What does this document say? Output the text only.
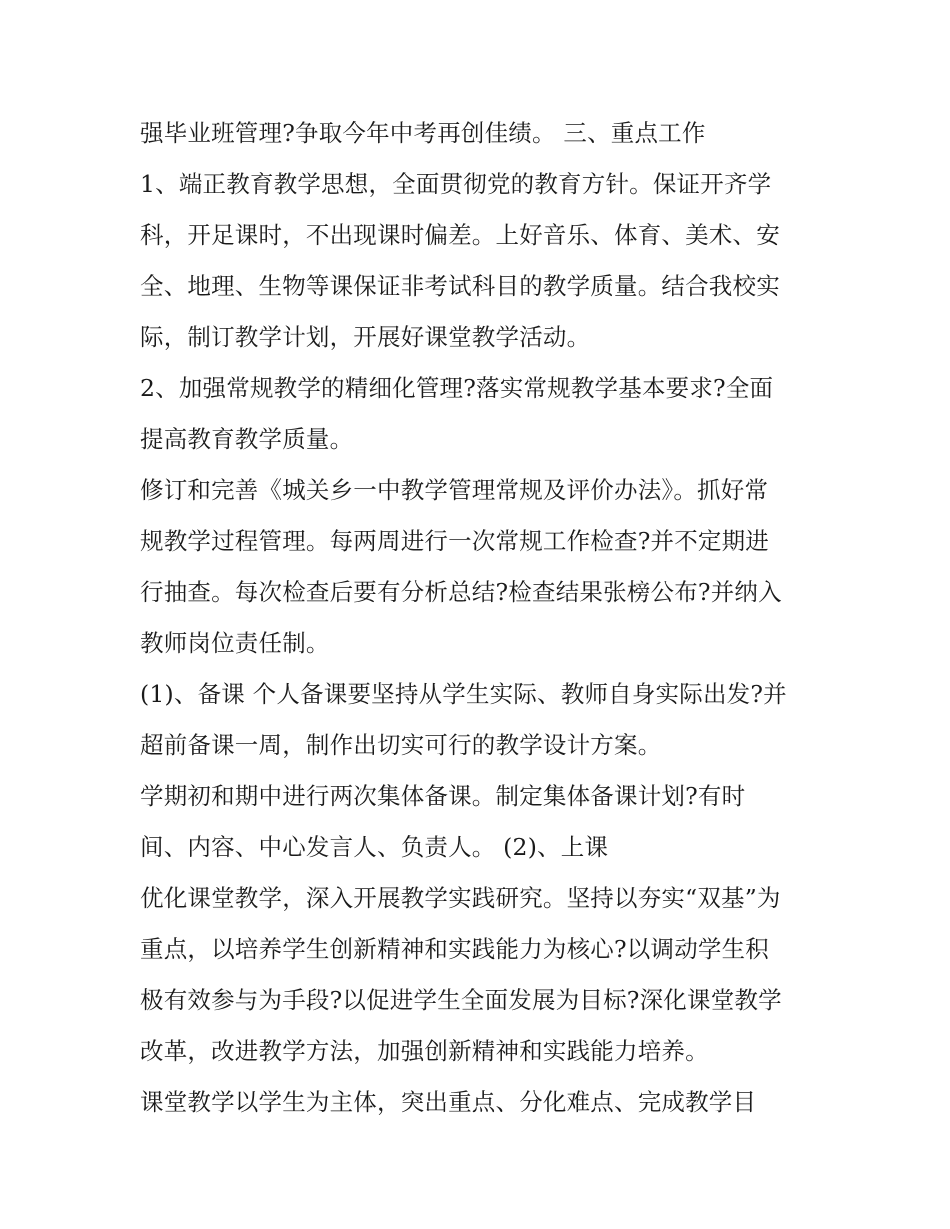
强毕业班管理?争取今年中考再创佳绩。 三、重点工作
1、端正教育教学思想，全面贯彻党的教育方针。保证开齐学
科，开足课时，不出现课时偏差。上好音乐、体育、美术、安
全、地理、生物等课保证非考试科目的教学质量。结合我校实
际，制订教学计划，开展好课堂教学活动。
2、加强常规教学的精细化管理?落实常规教学基本要求?全面
提高教育教学质量。
修订和完善《城关乡一中教学管理常规及评价办法》。抓好常
规教学过程管理。每两周进行一次常规工作检查?并不定期进
行抽查。每次检查后要有分析总结?检查结果张榜公布?并纳入
教师岗位责任制。
(1)、备课 个人备课要坚持从学生实际、教师自身实际出发?并
超前备课一周，制作出切实可行的教学设计方案。
学期初和期中进行两次集体备课。制定集体备课计划?有时
间、内容、中心发言人、负责人。 (2)、上课
优化课堂教学，深入开展教学实践研究。坚持以夯实“双基”为
重点，以培养学生创新精神和实践能力为核心?以调动学生积
极有效参与为手段?以促进学生全面发展为目标?深化课堂教学
改革，改进教学方法，加强创新精神和实践能力培养。
课堂教学以学生为主体，突出重点、分化难点、完成教学目
